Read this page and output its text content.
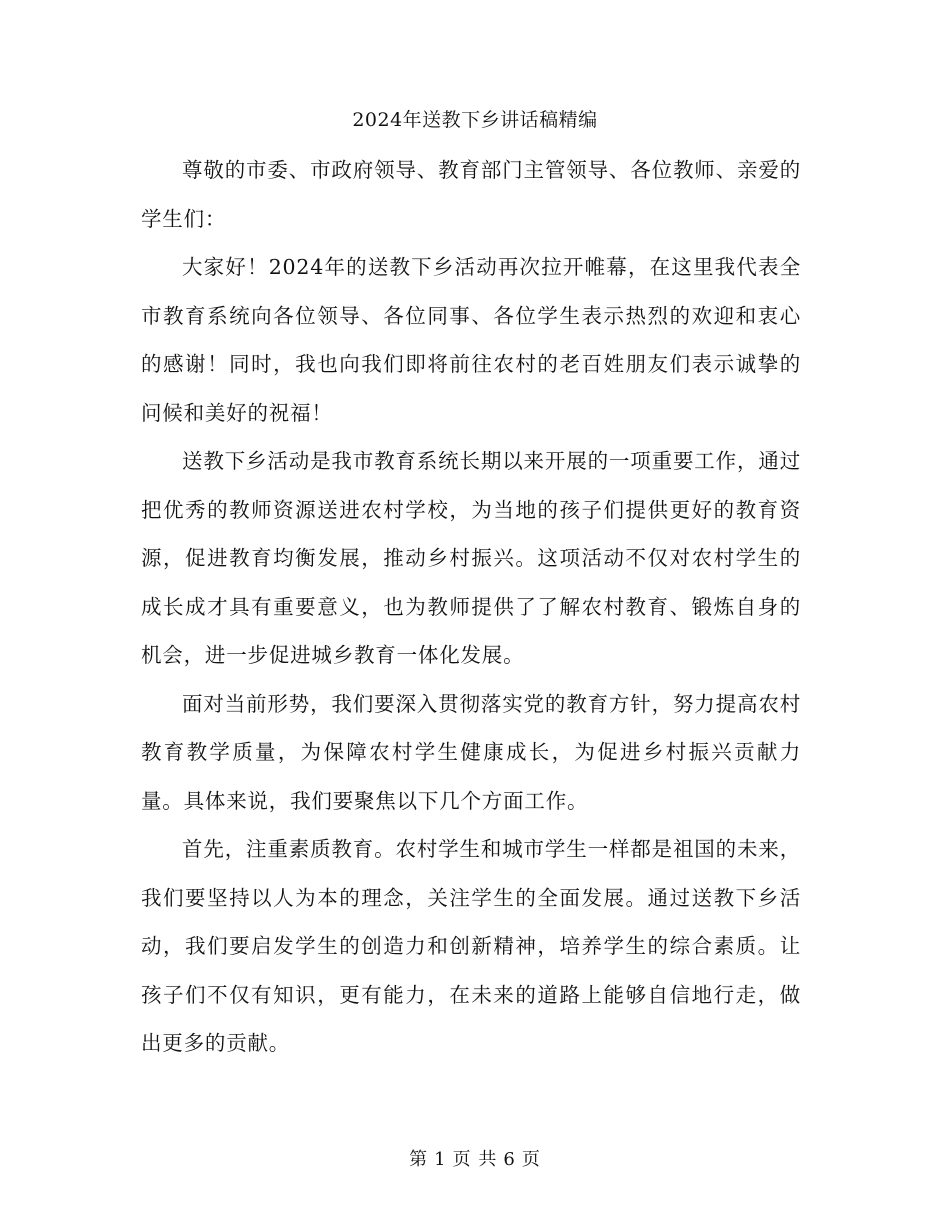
2024年送教下乡讲话稿精编

尊敬的市委、市政府领导、教育部门主管领导、各位教师、亲爱的学生们：

大家好！2024年的送教下乡活动再次拉开帷幕，在这里我代表全市教育系统向各位领导、各位同事、各位学生表示热烈的欢迎和衷心的感谢！同时，我也向我们即将前往农村的老百姓朋友们表示诚挚的问候和美好的祝福！

送教下乡活动是我市教育系统长期以来开展的一项重要工作，通过把优秀的教师资源送进农村学校，为当地的孩子们提供更好的教育资源，促进教育均衡发展，推动乡村振兴。这项活动不仅对农村学生的成长成才具有重要意义，也为教师提供了了解农村教育、锻炼自身的机会，进一步促进城乡教育一体化发展。

面对当前形势，我们要深入贯彻落实党的教育方针，努力提高农村教育教学质量，为保障农村学生健康成长，为促进乡村振兴贡献力量。具体来说，我们要聚焦以下几个方面工作。

首先，注重素质教育。农村学生和城市学生一样都是祖国的未来，我们要坚持以人为本的理念，关注学生的全面发展。通过送教下乡活动，我们要启发学生的创造力和创新精神，培养学生的综合素质。让孩子们不仅有知识，更有能力，在未来的道路上能够自信地行走，做出更多的贡献。

第 1 页 共 6 页
